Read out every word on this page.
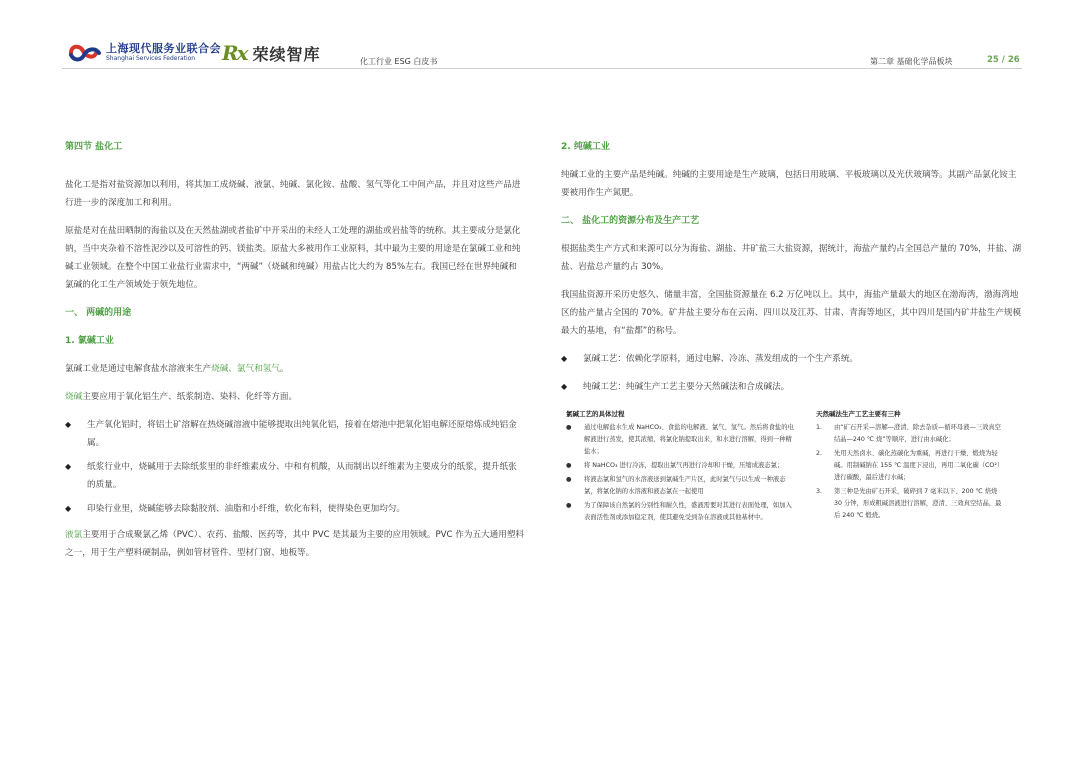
上海现代服务业联合会
Shanghai Services Federation	Rx 荣续智库	化工行业 ESG 白皮书	第二章 基础化学品板块	25 / 26

第四节 盐化工

盐化工是指对盐资源加以利用，将其加工成烧碱、液氯、纯碱、氯化铵、盐酸、氢气等化工中间产品，并且对这些产品进行进一步的深度加工和利用。

原盐是对在盐田晒制的海盐以及在天然盐湖或者盐矿中开采出的未经人工处理的湖盐或岩盐等的统称。其主要成分是氯化钠，当中夹杂着不溶性泥沙以及可溶性的钙、镁盐类。原盐大多被用作工业原料，其中最为主要的用途是在氯碱工业和纯碱工业领域。在整个中国工业盐行业需求中，“两碱”（烧碱和纯碱）用盐占比大约为 85%左右。我国已经在世界纯碱和氯碱的化工生产领域处于领先地位。

一、 两碱的用途

1. 氯碱工业

氯碱工业是通过电解食盐水溶液来生产烧碱、氯气和氢气。

烧碱主要应用于氧化铝生产、纸浆制造、染料、化纤等方面。

◆ 生产氧化铝时，将铝土矿溶解在热烧碱溶液中能够提取出纯氧化铝，接着在熔池中把氧化铝电解还原熔炼成纯铝金属。
◆ 纸浆行业中，烧碱用于去除纸浆里的非纤维素成分、中和有机酸，从而制出以纤维素为主要成分的纸浆，提升纸张的质量。
◆ 印染行业里，烧碱能够去除黏胶剂、油脂和小纤维，软化布料，使得染色更加均匀。

液氯主要用于合成聚氯乙烯（PVC）、农药、盐酸、医药等，其中 PVC 是其最为主要的应用领域。PVC 作为五大通用塑料之一，用于生产塑料硬制品，例如管材管件、型材门窗、地板等。

2. 纯碱工业

纯碱工业的主要产品是纯碱。纯碱的主要用途是生产玻璃，包括日用玻璃、平板玻璃以及光伏玻璃等。其副产品氯化铵主要被用作生产氮肥。

二、 盐化工的资源分布及生产工艺

根据盐类生产方式和来源可以分为海盐、湖盐、井矿盐三大盐资源，据统计，海盐产量约占全国总产量的 70%，井盐、湖盐、岩盐总产量约占 30%。

我国盐资源开采历史悠久、储量丰富，全国盐资源量在 6.2 万亿吨以上。其中，海盐产量最大的地区在渤海湾，渤海湾地区的盐产量占全国的 70%。矿井盐主要分布在云南、四川以及江苏、甘肃、青海等地区，其中四川是国内矿井盐生产规模最大的基地，有“盐都”的称号。

◆ 氯碱工艺：依赖化学原料，通过电解、冷冻、蒸发组成的一个生产系统。
◆ 纯碱工艺：纯碱生产工艺主要分天然碱法和合成碱法。
氯碱工艺的具体过程
● 通过电解盐水生成 NaHCO₃、食盐的电解液、氯气、氢气。然后将食盐的电解液进行蒸发，使其浓缩，将氯化钠提取出来，和水进行溶解，得到一种精盐水；
● 将 NaHCO₃ 进行冷冻，提取出氯气再进行冷却和干燥，压缩成液态氯；
● 将液态氯和氢气的水溶液送到氯碱生产片区，此时氯气与以生成一种液态氯，将氯化钠的水溶液和液态氯在一起使用
● 为了保障该自然氯的分别性和耐久性，盛液需要对其进行表面处理，如加入表面活性剂或添加稳定剂，使其避免受到杂在溶液或其他基材中。
天然碱法生产工艺主要有三种
1. 由“矿石开采—溶解—澄清、除去杂质—循环母液—三效真空结晶—240 ℃ 烧”等顺序，进行由水碱化；
2. 先用天然卤水、碳化蒸碳化为重碱，再进行干燥、煅烧为轻碱。用制碱钠在 155 ℃ 温度下浸出，再用二氧化碳（CO²）进行碳酸，最后进行水碱；
3. 第三种是先由矿石开采，破碎到 7 毫米以下、200 ℃ 焙烧 30 分钟，形成粗碱溶液进行溶解，澄清、三效真空结晶，最后 240 ℃ 煅烧。
